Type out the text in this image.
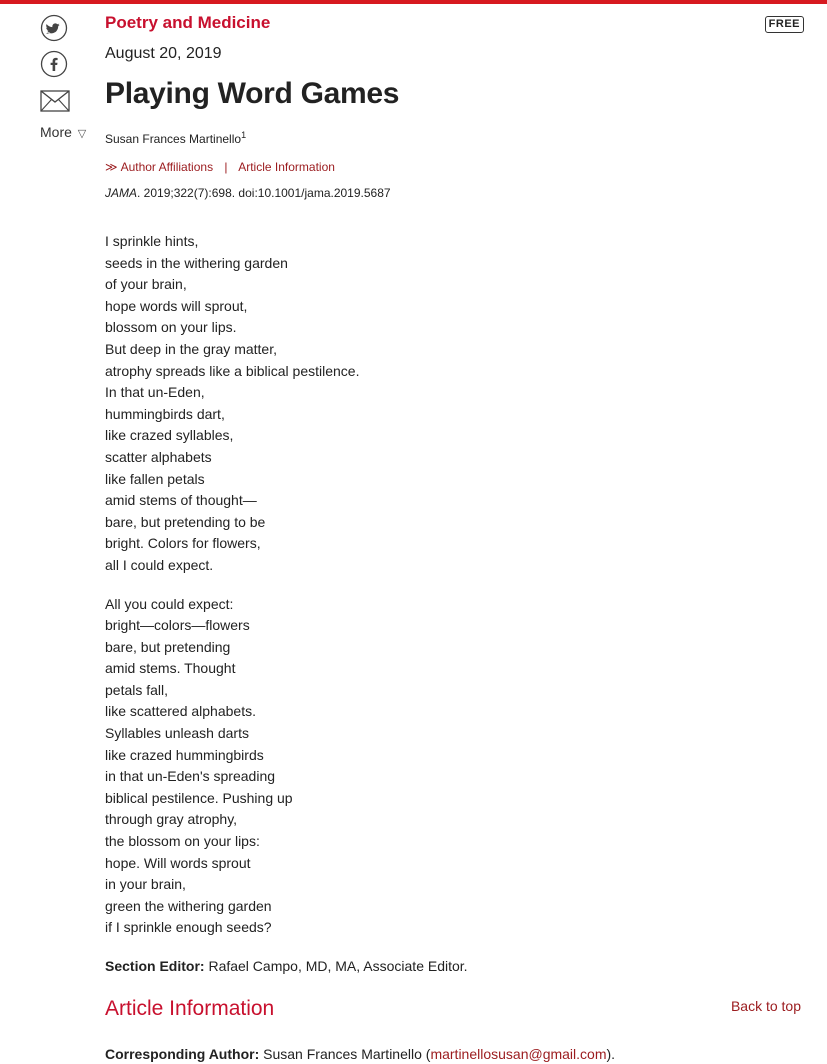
More ▽
FREE
Poetry and Medicine
August 20, 2019
Playing Word Games
Susan Frances Martinello$^1$
≫ Author Affiliations | Article Information
JAMA. 2019;322(7):698. doi:10.1001/jama.2019.5687
I sprinkle hints,
seeds in the withering garden
of your brain,
hope words will sprout,
blossom on your lips.
But deep in the gray matter,
atrophy spreads like a biblical pestilence.
In that un-Eden,
hummingbirds dart,
like crazed syllables,
scatter alphabets
like fallen petals
amid stems of thought—
bare, but pretending to be
bright. Colors for flowers,
all I could expect.
All you could expect:
bright—colors—flowers
bare, but pretending
amid stems. Thought
petals fall,
like scattered alphabets.
Syllables unleash darts
like crazed hummingbirds
in that un-Eden's spreading
biblical pestilence. Pushing up
through gray atrophy,
the blossom on your lips:
hope. Will words sprout
in your brain,
green the withering garden
if I sprinkle enough seeds?
Section Editor: Rafael Campo, MD, MA, Associate Editor.
Article Information
Corresponding Author: Susan Frances Martinello (martinellosusan@gmail.com).
Back to top
